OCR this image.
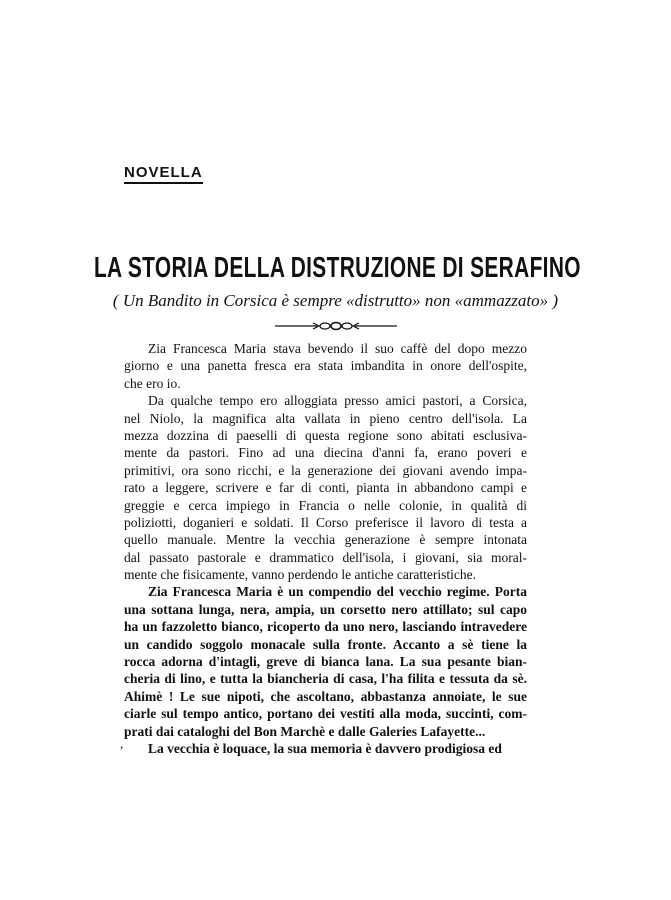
NOVELLA
LA STORIA DELLA DISTRUZIONE DI SERAFINO
( Un Bandito in Corsica è sempre «distrutto» non «ammazzato» )
Zia Francesca Maria stava bevendo il suo caffè del dopo mezzo
giorno e una panetta fresca era stata imbandita in onore dell'ospite,
che ero io.
Da qualche tempo ero alloggiata presso amici pastori, a Corsica,
nel Niolo, la magnifica alta vallata in pieno centro dell'isola. La
mezza dozzina di paeselli di questa regione sono abitati esclusiva-
mente da pastori. Fino ad una diecina d'anni fa, erano poveri e
primitivi, ora sono ricchi, e la generazione dei giovani avendo impa-
rato a leggere, scrivere e far di conti, pianta in abbandono campi e
greggie e cerca impiego in Francia o nelle colonie, in qualità di
poliziotti, doganieri e soldati. Il Corso preferisce il lavoro di testa a
quello manuale. Mentre la vecchia generazione è sempre intonata
dal passato pastorale e drammatico dell'isola, i giovani, sia moral-
mente che fisicamente, vanno perdendo le antiche caratteristiche.
Zia Francesca Maria è un compendio del vecchio regime. Porta
una sottana lunga, nera, ampia, un corsetto nero attillato; sul capo
ha un fazzoletto bianco, ricoperto da uno nero, lasciando intravedere
un candido soggolo monacale sulla fronte. Accanto a sè tiene la
rocca adorna d'intagli, greve di bianca lana. La sua pesante bian-
cheria di lino, e tutta la biancheria di casa, l'ha filita e tessuta da sè.
Ahimè ! Le sue nipoti, che ascoltano, abbastanza annoiate, le sue
ciarle sul tempo antico, portano dei vestiti alla moda, succinti, com-
prati dai cataloghi del Bon Marchè e dalle Galeries Lafayette...
La vecchia è loquace, la sua memoria è davvero prodigiosa ed
,
